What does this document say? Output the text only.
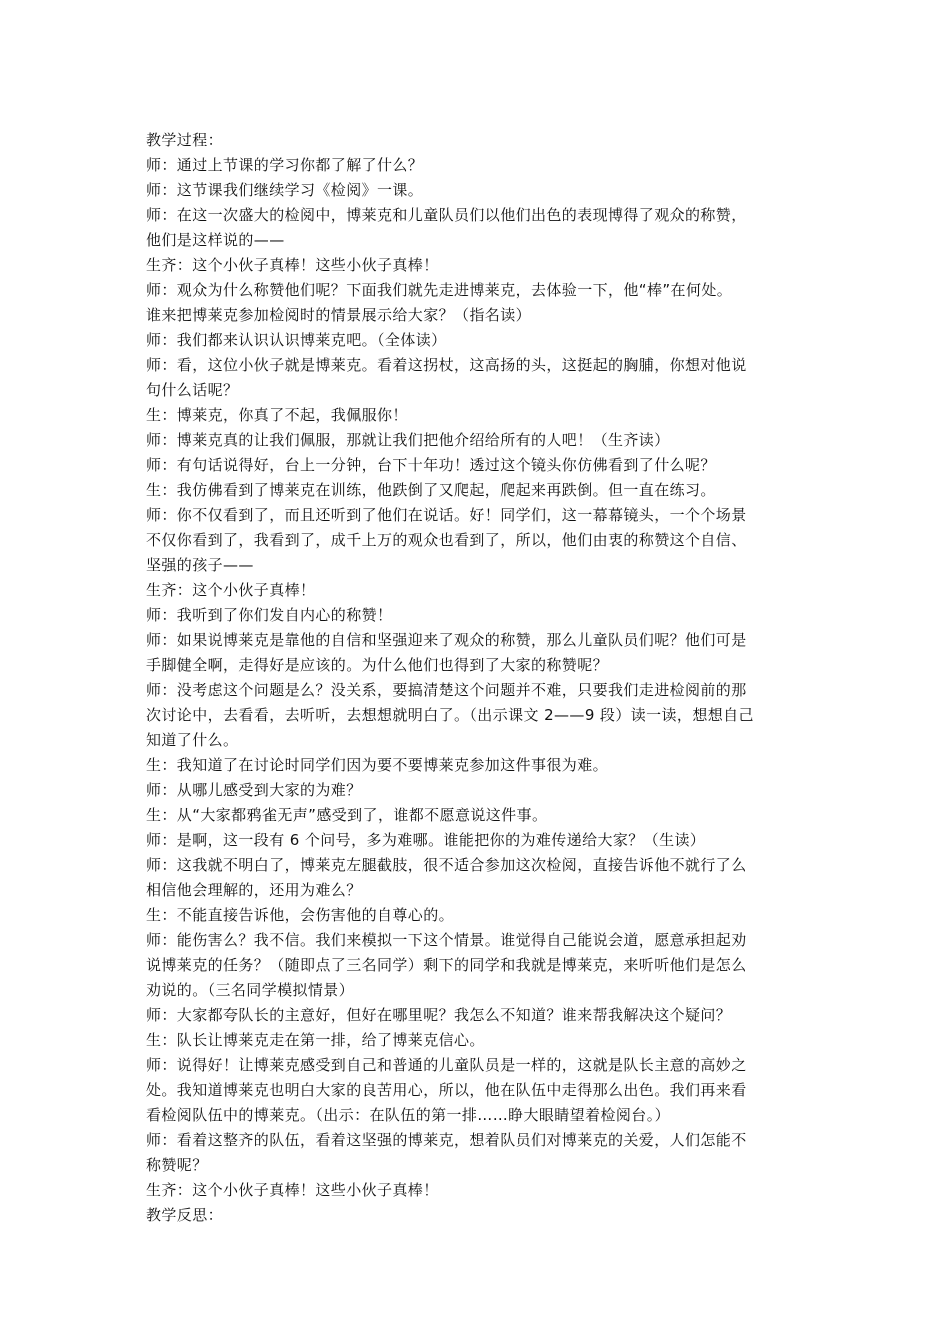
教学过程：
师：通过上节课的学习你都了解了什么？
师：这节课我们继续学习《检阅》一课。
师：在这一次盛大的检阅中，博莱克和儿童队员们以他们出色的表现博得了观众的称赞，
他们是这样说的——
生齐：这个小伙子真棒！这些小伙子真棒！
师：观众为什么称赞他们呢？下面我们就先走进博莱克，去体验一下，他“棒”在何处。
谁来把博莱克参加检阅时的情景展示给大家？（指名读）
师：我们都来认识认识博莱克吧。（全体读）
师：看，这位小伙子就是博莱克。看着这拐杖，这高扬的头，这挺起的胸脯，你想对他说
句什么话呢？
生：博莱克，你真了不起，我佩服你！
师：博莱克真的让我们佩服，那就让我们把他介绍给所有的人吧！（生齐读）
师：有句话说得好，台上一分钟，台下十年功！透过这个镜头你仿佛看到了什么呢？
生：我仿佛看到了博莱克在训练，他跌倒了又爬起，爬起来再跌倒。但一直在练习。
师：你不仅看到了，而且还听到了他们在说话。好！同学们，这一幕幕镜头，一个个场景
不仅你看到了，我看到了，成千上万的观众也看到了，所以，他们由衷的称赞这个自信、
坚强的孩子——
生齐：这个小伙子真棒！
师：我听到了你们发自内心的称赞！
师：如果说博莱克是靠他的自信和坚强迎来了观众的称赞，那么儿童队员们呢？他们可是
手脚健全啊，走得好是应该的。为什么他们也得到了大家的称赞呢？
师：没考虑这个问题是么？没关系，要搞清楚这个问题并不难，只要我们走进检阅前的那
次讨论中，去看看，去听听，去想想就明白了。（出示课文 2——9 段）读一读，想想自己
知道了什么。
生：我知道了在讨论时同学们因为要不要博莱克参加这件事很为难。
师：从哪儿感受到大家的为难？
生：从“大家都鸦雀无声”感受到了，谁都不愿意说这件事。
师：是啊，这一段有 6 个问号，多为难哪。谁能把你的为难传递给大家？（生读）
师：这我就不明白了，博莱克左腿截肢，很不适合参加这次检阅，直接告诉他不就行了么
相信他会理解的，还用为难么？
生：不能直接告诉他，会伤害他的自尊心的。
师：能伤害么？我不信。我们来模拟一下这个情景。谁觉得自己能说会道，愿意承担起劝
说博莱克的任务？（随即点了三名同学）剩下的同学和我就是博莱克，来听听他们是怎么
劝说的。（三名同学模拟情景）
师：大家都夸队长的主意好，但好在哪里呢？我怎么不知道？谁来帮我解决这个疑问？
生：队长让博莱克走在第一排，给了博莱克信心。
师：说得好！让博莱克感受到自己和普通的儿童队员是一样的，这就是队长主意的高妙之
处。我知道博莱克也明白大家的良苦用心，所以，他在队伍中走得那么出色。我们再来看
看检阅队伍中的博莱克。（出示：在队伍的第一排……睁大眼睛望着检阅台。）
师：看着这整齐的队伍，看着这坚强的博莱克，想着队员们对博莱克的关爱，人们怎能不
称赞呢？
生齐：这个小伙子真棒！这些小伙子真棒！
教学反思：
